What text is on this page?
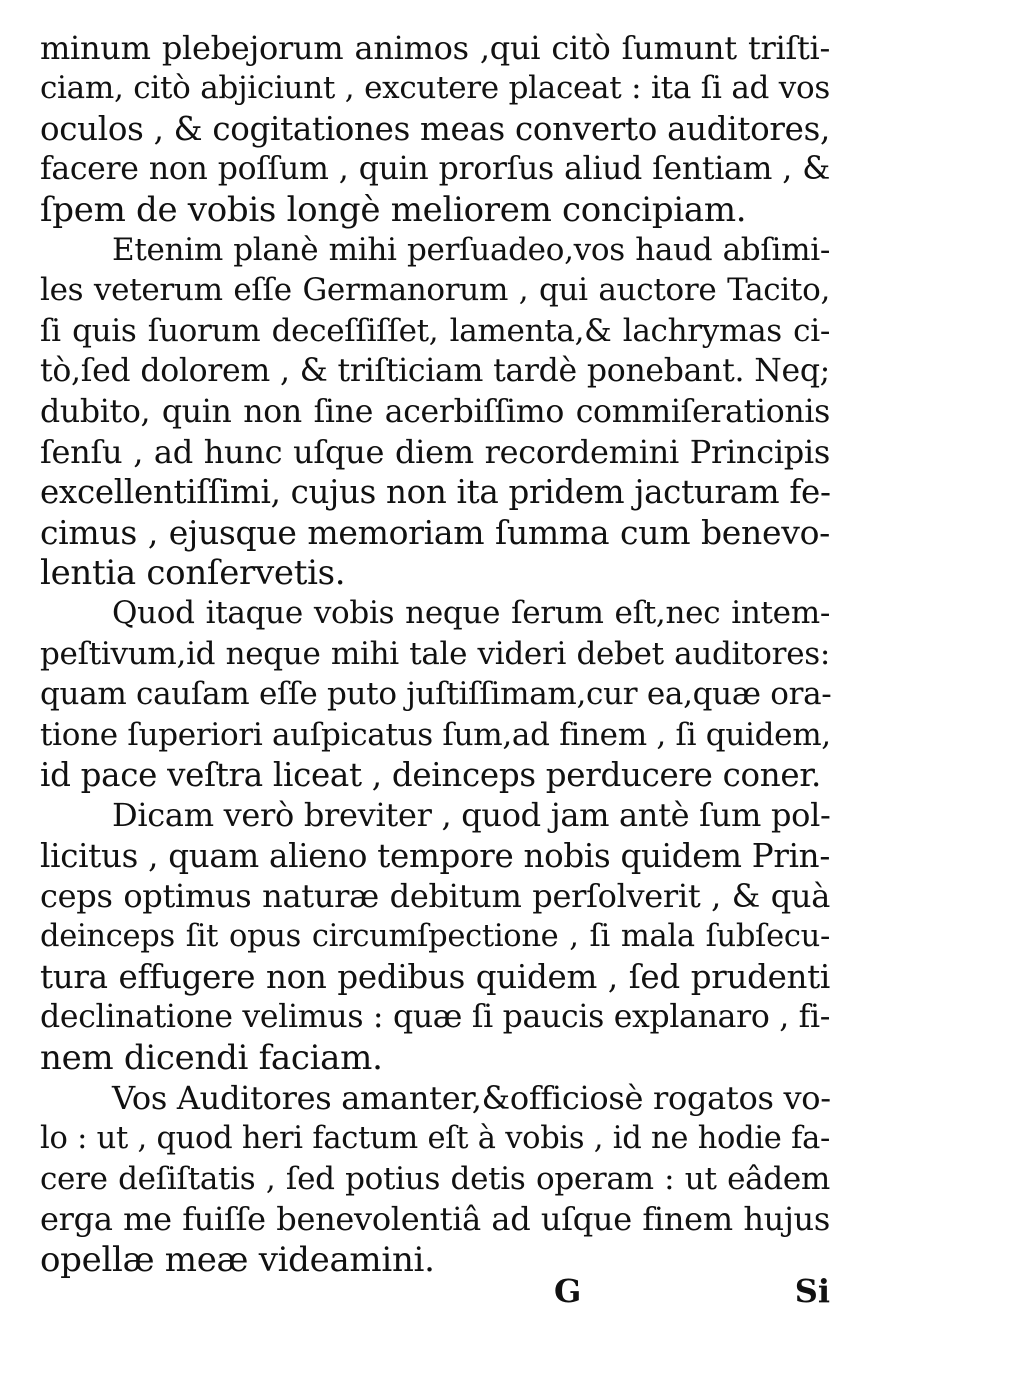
minum plebejorum animos ,qui citò ſumunt triſti-
ciam, citò abjiciunt , excutere placeat : ita ſi ad vos
oculos , & cogitationes meas converto auditores,
facere non poſſum , quin prorſus aliud ſentiam , &
ſpem de vobis longè meliorem concipiam.
Etenim planè mihi perſuadeo,vos haud abſimi-
les veterum eſſe Germanorum , qui auctore Tacito,
ſi quis ſuorum deceſſiſſet, lamenta,& lachrymas ci-
tò,ſed dolorem , & triſticiam tardè ponebant. Neq;
dubito, quin non ſine acerbiſſimo commiſerationis
ſenſu , ad hunc uſque diem recordemini Principis
excellentiſſimi, cujus non ita pridem jacturam fe-
cimus , ejusque memoriam ſumma cum benevo-
lentia conſervetis.
Quod itaque vobis neque ſerum eſt,nec intem-
peſtivum,id neque mihi tale videri debet auditores:
quam cauſam eſſe puto juſtiſſimam,cur ea,quæ ora-
tione ſuperiori auſpicatus ſum,ad finem , ſi quidem,
id pace veſtra liceat , deinceps perducere coner.
Dicam verò breviter , quod jam antè ſum pol-
licitus , quam alieno tempore nobis quidem Prin-
ceps optimus naturæ debitum perſolverit , & quà
deinceps ſit opus circumſpectione , ſi mala ſubſecu-
tura effugere non pedibus quidem , ſed prudenti
declinatione velimus : quæ ſi paucis explanaro , fi-
nem dicendi faciam.
Vos Auditores amanter,&officiosè rogatos vo-
lo : ut , quod heri factum eſt à vobis , id ne hodie fa-
cere deſiſtatis , ſed potius detis operam : ut eâdem
erga me fuiſſe benevolentiâ ad uſque finem hujus
opellæ meæ videamini.
G	Si
